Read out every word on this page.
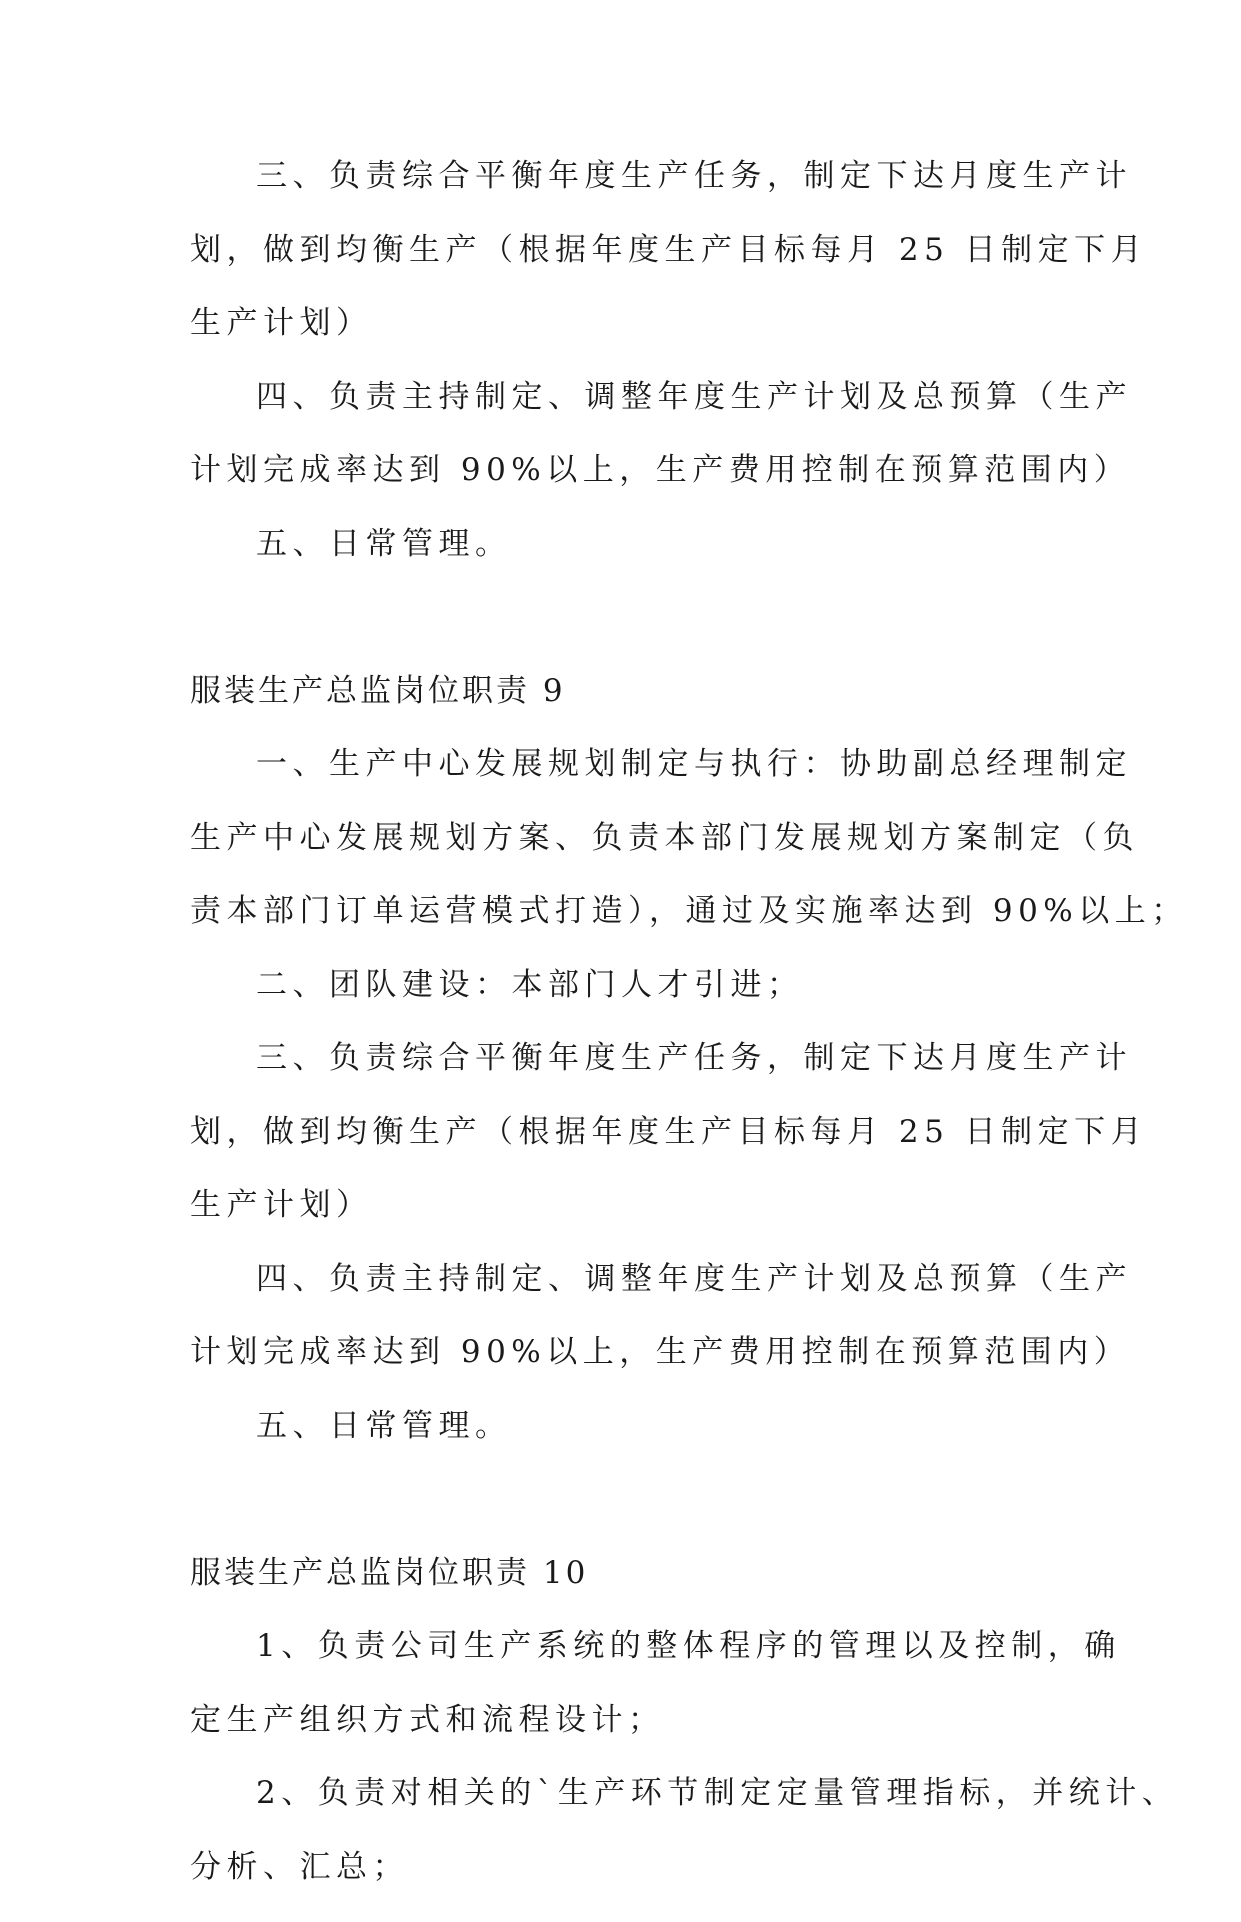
三、负责综合平衡年度生产任务，制定下达月度生产计

划，做到均衡生产（根据年度生产目标每月 25 日制定下月

生产计划）

四、负责主持制定、调整年度生产计划及总预算（生产

计划完成率达到 90%以上，生产费用控制在预算范围内）

五、日常管理。

服装生产总监岗位职责 9

一、生产中心发展规划制定与执行：协助副总经理制定

生产中心发展规划方案、负责本部门发展规划方案制定（负

责本部门订单运营模式打造），通过及实施率达到 90%以上；

二、团队建设：本部门人才引进；

三、负责综合平衡年度生产任务，制定下达月度生产计

划，做到均衡生产（根据年度生产目标每月 25 日制定下月

生产计划）

四、负责主持制定、调整年度生产计划及总预算（生产

计划完成率达到 90%以上，生产费用控制在预算范围内）

五、日常管理。

服装生产总监岗位职责 10

1、负责公司生产系统的整体程序的管理以及控制，确

定生产组织方式和流程设计；

2、负责对相关的`生产环节制定定量管理指标，并统计、

分析、汇总；
